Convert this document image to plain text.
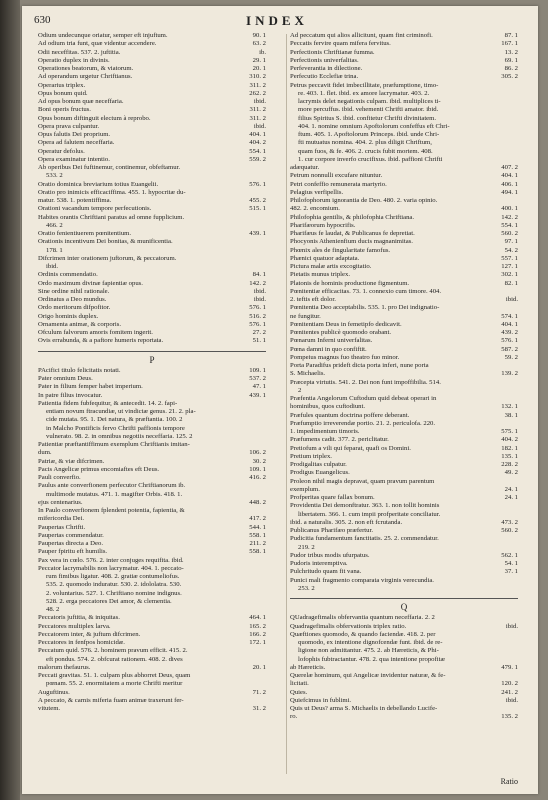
630	INDEX
Odium undecunque oriatur, semper eft injuftum.	90. 1
Ad odium tria funt, quæ videntur accendere.	63. 2
Odii neceffitas. 537. 2. juftitia.	ib.
Operatio duplex in divinis.	29. 1
Operationes beatorum, & viatorum.	20. 1
Ad operandum urgetur Chriftianus.	310. 2
Operarius triplex.	311. 2
Opus bonum quid.	262. 2
Ad opus bonum quæ neceffaria.	ibid.
Boni operis fructus.	311. 2
Opus bonum diftinguit electum à reprobo.	311. 2
Opera prava culpantur.	ibid.
Opus falutis Dei proprium.	404. 1
Opera ad falutem neceffaria.	404. 2
Operatur defolus.	554. 1
Opera examinatur intentio.	559. 2
Ab operibus Dei fuftinemur, continemur, obfeftamur.
533. 2
Oratio dominica breviarium totius Euangelii.	576. 1
Oratio pro inimicis efficaciffima. 455. 1. hypocritæ du-
matur. 538. 1. potentiffima.	455. 2
Orationi vacandum tempore perfecutionis.	515. 1
Habites orantis Chriftiani paratus ad omne fupplicium.
466. 2
Oratio fenientiuerem pœnitentium.	439. 1
Orationis incentivum Dei bonitas, & munificentia.
178. 1
Difcrimen inter orationem juftorum, & peccatorum.
ibid.
Ordinis commendatio.	84. 1
Ordo maximum divinæ fapientiæ opus.	142. 2
Sine ordine nihil rationale.	ibid.
Ordinatus a Deo mundus.	ibid.
Ordo meritorum difpofitor.	576. 1
Origo hominis duplex.	516. 2
Ornamenta animæ, & corporis.	576. 1
Ofculum falvorum amoris fomitem ingerit.	27. 2
Ovis errabunda, & a paftore humeris reportata.	51. 1
P
PAcifici titulo felicitatis notati.	109. 1
Pater omnium Deus.	537. 2
Pater in filium femper habet imperium.	47. 1
In patre filius invocatur.	439. 1
Patientia fidem fubfequitur, & antecedit. 14. 2. fapi-
entiam novum ftracundiæ, ut vindictæ genus. 21. 2. pla-
cide mutata. 95. 1. Dei natura, & præftantia. 100. 2
in Malcho Pontificis fervo Chrifti paffionis tempore
vulnerato. 98. 2. in omnibus negotiis neceffaria. 125. 2
Patientiæ præftantiffimum exemplum Chriftianis imitan-
dum.	106. 2
Patriæ, & viæ difcrimen.	30. 2
Pacis Angelicæ primus encomiaftes eft Deus.	109. 1
Pauli converfio.	416. 2
Paulus ante converfionem perfecutor Chriftianorum ib.
multimode mutatus. 471. 1. magifter Orbis. 418. 1.
ejus centenarius.	448. 2
In Paulo converfionem fplendent potentia, fapientia, &
mifericordia Dei.	417. 2
Paupertas Chrifti.	544. 1
Paupertas commendatur.	558. 1
Paupertas directa a Deo.	211. 2
Pauper fpiritu eft humilis.	558. 1
Pax vera in cœlo. 576. 2. inter conjuges requifita. ibid.
Peccator lacrymabilis non lacrymatur. 404. 1. peccato-
rum fimibus ligatur. 408. 2. gratiæ contumeliofus.
535. 2. quomodo induratur. 530. 2. idololatra. 530.
2. voluntarius. 527. 1. Chriftiano nomine indignus.
528. 2. erga peccatores Dei amor, & clementia.
48. 2
Peccatoris juftitia, & iniquitas.	464. 1
Peccatores multiplex larva.	165. 2
Peccatorem inter, & juftum difcrimen.	166. 2
Peccatores in fenfpos homicidæ.	172. 1
Peccatum quid. 576. 2. hominem pravum efficit. 415. 2.
eft pondus. 574. 2. obfcurat rationem. 408. 2. dives
malorum thefaurus.	20. 1
Peccati gravitas. 51. 1. culpam plus abhorret Deus, quam
pœnam. 55. 2. enormitatem a morte Chrifti meritur
Auguftinus.	71. 2
A peccato, & carnis miferia fuam animæ traxerunt fer-
vitutem.	31. 2
Ad peccatum qui alios allicitunt, quam fint criminofi.	87. 1
Peccatis fervire quam mifera fervitus.	167. 1
Perfectionis Chriftianæ fumma.	13. 2
Perfectionis univerfalitas.	69. 1
Perfeverantia in dilectione.	86. 2
Perfecutio Ecclefiæ trina.	305. 2
Petrus peccavit fidei imbecillitate, præfumptione, timo-
re. 403. 1. flet. ibid. ex amore lacrymatur. 403. 2.
lacrymis delet negationis culpam. ibid. multiplices ti-
more percuffus. ibid. vehementi Chrifti amator. ibid.
filius Spiritus S. ibid. confitetur Chrifti divinitatem.
404. 1. nomine omnium Apoftolorum confeffus eft Chri-
ftum. 405. 1. Apoftolorum Princeps. ibid. unde Chri-
fti mutuatus nomina. 404. 2. plus diligit Chriftum,
quam fuos, & fe. 406. 2. crucis fubit mortem. 408.
1. cur corpore inverfo crucifixus. ibid. paffioni Chrifti
adæquatur.	407. 2
Petrum nonnulli excufare nituntur.	404. 1
Petri confeffio remunerata martyrio.	406. 1
Pelagius verfipellis.	494. 1
Philofophorum ignorantia de Deo. 480. 2. varia opinio.
482. 2. encomium.	400. 1
Philofophia gentilis, & philofophia Chriftiana.	142. 2
Pharifæorum hypocrifis.	554. 1
Pharifæus fe laudat, & Publicanus fe depretiat.	560. 2
Phocyonis Athenienfium ducis magnanimitas.	97. 1
Phœnix ales de fingularitate famofus.	54. 2
Phænici quatuor adaptata.	557. 1
Pictura malæ artis excogitatio.	127. 1
Pietatis munus triplex.	302. 1
Platonis de hominis productione figmentum.	82. 1
Pœnitentiæ efficacitas. 73. 1. connexio cum timore. 404.
2. teftis eft dolor.	ibid.
Pœnitentia Deo acceptabilis. 535. 1. pro Dei indignatio-
ne fungitur.	574. 1
Pœnitentiam Deus in femetipfo dedicavit.	404. 1
Pœnitentes publicè quomodo orabant.	439. 2
Pœnarum Inferni univerfalitas.	576. 1
Pœna damni in quo confiftit.	587. 2
Pompeius magnus fuo theatro fuo minor.	59. 2
Porta Paradifus prideft dicta porta inferi, nune porta
S. Michaelis.	139. 2
Præcepta virtutis. 541. 2. Dei non funt impoffibilia. 514.
2
Præfentia Angelorum Cuftodum quid debeat operari in
hominibus, quos cuftodiunt.	132. 1
Præfules quantum doctrina poffere deberant.	38. 1
Præfumptio irreverendæ portio. 21. 2. periculofa. 220.
1. impedimentum timoris.	575. 1
Præfumens cadit. 377. 2. periclitatur.	404. 2
Pretiofum a vili qui feparat, quafi os Domini.	182. 1
Pretium triplex.	135. 1
Prodigalitas culpatur.	228. 2
Prodigus Euangelicus.	49. 2
Proleon nihil magis depravat, quam pravum parentum
exemplum.	24. 1
Profperitas quare fallax bonum.	24. 1
Providentia Dei demonftratur. 363. 1. non tollit hominis
libertatem. 366. 1. cum impii profperitate conciliatur.
ibid. a naturalis. 305. 2. non eft fcrutanda.	473. 2
Publicanus Pharifæo præfertur.	560. 2
Pudicitia fundamentum fanctitatis. 25. 2. commendatur.
219. 2
Pudor tribus modis ufurpatus.	562. 1
Pudoris interemptiva.	54. 1
Pulchritudo quam fit vana.	37. 1
Punici mali fragmento comparata virginis verecundia.
253. 2
Q
QUadragefimalis obfervantia quantum neceffaria. 2. 2
Quadragefimalis obfervationis triplex ratio.	ibid.
Quæftiones quomodo, & quando faciendæ. 418. 2. per
quomodo, ex intentione dignofcendæ funt. ibid. de re-
ligione non admittantur. 475. 2. ab Hæreticis, & Phi-
lofophis fubtractantur. 478. 2. qua intentione propofitæ
ab Hæreticis.	479. 1
Querelæ hominum, qui Angelicæ invidentur naturæ, & fe-
licitati.	120. 2
Quies.	241. 2
Quiefcimus in fublimi.	ibid.
Quis ut Deus? arma S. Michaelis in debellando Lucife-
ro.	135. 2
Ratio
